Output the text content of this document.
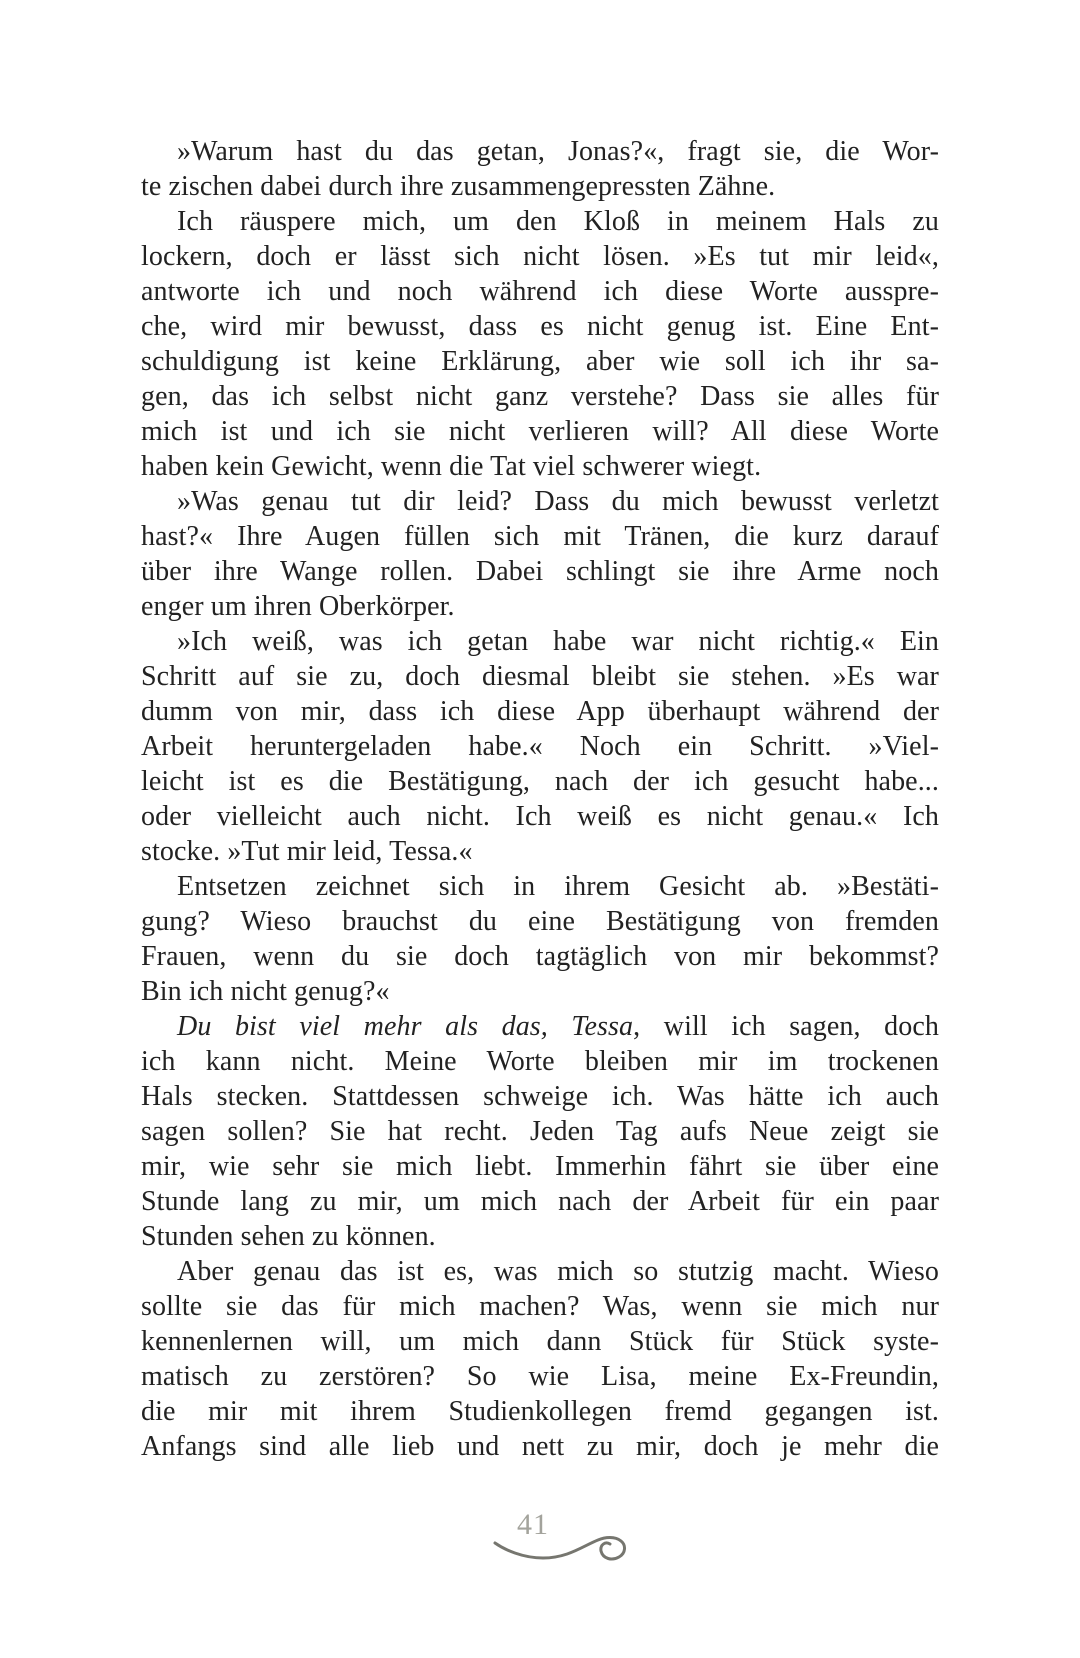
»Warum hast du das getan, Jonas?«, fragt sie, die Wor-
te zischen dabei durch ihre zusammengepressten Zähne.
Ich räuspere mich, um den Kloß in meinem Hals zu
lockern, doch er lässt sich nicht lösen. »Es tut mir leid«,
antworte ich und noch während ich diese Worte ausspre-
che, wird mir bewusst, dass es nicht genug ist. Eine Ent-
schuldigung ist keine Erklärung, aber wie soll ich ihr sa-
gen, das ich selbst nicht ganz verstehe? Dass sie alles für
mich ist und ich sie nicht verlieren will? All diese Worte
haben kein Gewicht, wenn die Tat viel schwerer wiegt.
»Was genau tut dir leid? Dass du mich bewusst verletzt
hast?« Ihre Augen füllen sich mit Tränen, die kurz darauf
über ihre Wange rollen. Dabei schlingt sie ihre Arme noch
enger um ihren Oberkörper.
»Ich weiß, was ich getan habe war nicht richtig.« Ein
Schritt auf sie zu, doch diesmal bleibt sie stehen. »Es war
dumm von mir, dass ich diese App überhaupt während der
Arbeit heruntergeladen habe.« Noch ein Schritt. »Viel-
leicht ist es die Bestätigung, nach der ich gesucht habe...
oder vielleicht auch nicht. Ich weiß es nicht genau.« Ich
stocke. »Tut mir leid, Tessa.«
Entsetzen zeichnet sich in ihrem Gesicht ab. »Bestäti-
gung? Wieso brauchst du eine Bestätigung von fremden
Frauen, wenn du sie doch tagtäglich von mir bekommst?
Bin ich nicht genug?«
Du bist viel mehr als das, Tessa, will ich sagen, doch
ich kann nicht. Meine Worte bleiben mir im trockenen
Hals stecken. Stattdessen schweige ich. Was hätte ich auch
sagen sollen? Sie hat recht. Jeden Tag aufs Neue zeigt sie
mir, wie sehr sie mich liebt. Immerhin fährt sie über eine
Stunde lang zu mir, um mich nach der Arbeit für ein paar
Stunden sehen zu können.
Aber genau das ist es, was mich so stutzig macht. Wieso
sollte sie das für mich machen? Was, wenn sie mich nur
kennenlernen will, um mich dann Stück für Stück syste-
matisch zu zerstören? So wie Lisa, meine Ex-Freundin,
die mir mit ihrem Studienkollegen fremd gegangen ist.
Anfangs sind alle lieb und nett zu mir, doch je mehr die
41
